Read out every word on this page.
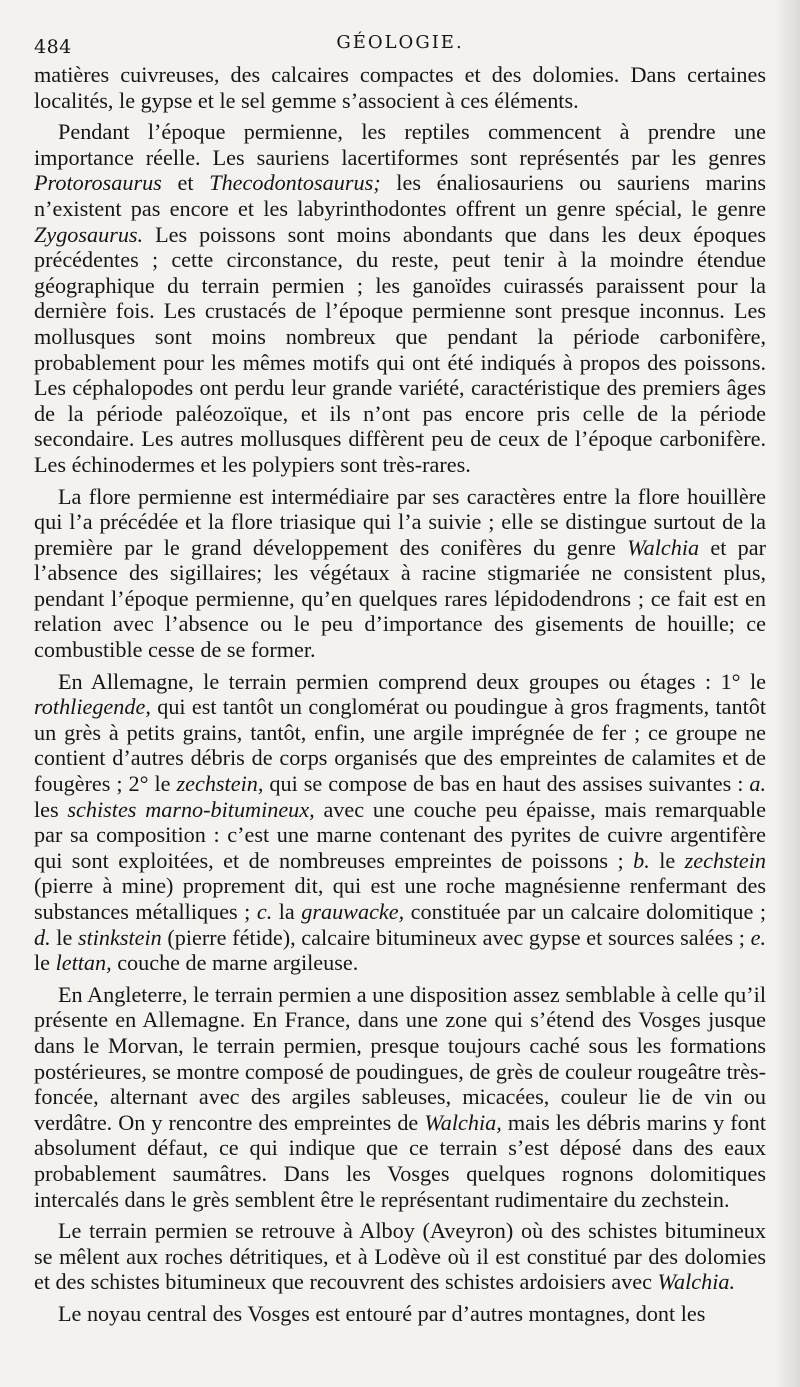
484	GÉOLOGIE.

matières cuivreuses, des calcaires compactes et des dolomies. Dans certaines localités, le gypse et le sel gemme s’associent à ces éléments.

Pendant l’époque permienne, les reptiles commencent à prendre une importance réelle. Les sauriens lacertiformes sont représentés par les genres Protorosaurus et Thecodontosaurus; les énaliosauriens ou sauriens marins n’existent pas encore et les labyrinthodontes offrent un genre spécial, le genre Zygosaurus. Les poissons sont moins abondants que dans les deux époques précédentes ; cette circonstance, du reste, peut tenir à la moindre étendue géographique du terrain permien ; les ganoïdes cuirassés paraissent pour la dernière fois. Les crustacés de l’époque permienne sont presque inconnus. Les mollusques sont moins nombreux que pendant la période carbonifère, probablement pour les mêmes motifs qui ont été indiqués à propos des poissons. Les céphalopodes ont perdu leur grande variété, caractéristique des premiers âges de la période paléozoïque, et ils n’ont pas encore pris celle de la période secondaire. Les autres mollusques diffèrent peu de ceux de l’époque carbonifère. Les échinodermes et les polypiers sont très-rares.

La flore permienne est intermédiaire par ses caractères entre la flore houillère qui l’a précédée et la flore triasique qui l’a suivie ; elle se distingue surtout de la première par le grand développement des conifères du genre Walchia et par l’absence des sigillaires; les végétaux à racine stigmariée ne consistent plus, pendant l’époque permienne, qu’en quelques rares lépidodendrons ; ce fait est en relation avec l’absence ou le peu d’importance des gisements de houille; ce combustible cesse de se former.

En Allemagne, le terrain permien comprend deux groupes ou étages : 1° le rothliegende, qui est tantôt un conglomérat ou poudingue à gros fragments, tantôt un grès à petits grains, tantôt, enfin, une argile imprégnée de fer ; ce groupe ne contient d’autres débris de corps organisés que des empreintes de calamites et de fougères ; 2° le zechstein, qui se compose de bas en haut des assises suivantes : a. les schistes marno-bitumineux, avec une couche peu épaisse, mais remarquable par sa composition : c’est une marne contenant des pyrites de cuivre argentifère qui sont exploitées, et de nombreuses empreintes de poissons ; b. le zechstein (pierre à mine) proprement dit, qui est une roche magnésienne renfermant des substances métalliques ; c. la grauwacke, constituée par un calcaire dolomitique ; d. le stinkstein (pierre fétide), calcaire bitumineux avec gypse et sources salées ; e. le lettan, couche de marne argileuse.

En Angleterre, le terrain permien a une disposition assez semblable à celle qu’il présente en Allemagne. En France, dans une zone qui s’étend des Vosges jusque dans le Morvan, le terrain permien, presque toujours caché sous les formations postérieures, se montre composé de poudingues, de grès de couleur rougeâtre très-foncée, alternant avec des argiles sableuses, micacées, couleur lie de vin ou verdâtre. On y rencontre des empreintes de Walchia, mais les débris marins y font absolument défaut, ce qui indique que ce terrain s’est déposé dans des eaux probablement saumâtres. Dans les Vosges quelques rognons dolomitiques intercalés dans le grès semblent être le représentant rudimentaire du zechstein.

Le terrain permien se retrouve à Alboy (Aveyron) où des schistes bitumineux se mêlent aux roches détritiques, et à Lodève où il est constitué par des dolomies et des schistes bitumineux que recouvrent des schistes ardoisiers avec Walchia.

Le noyau central des Vosges est entouré par d’autres montagnes, dont les
